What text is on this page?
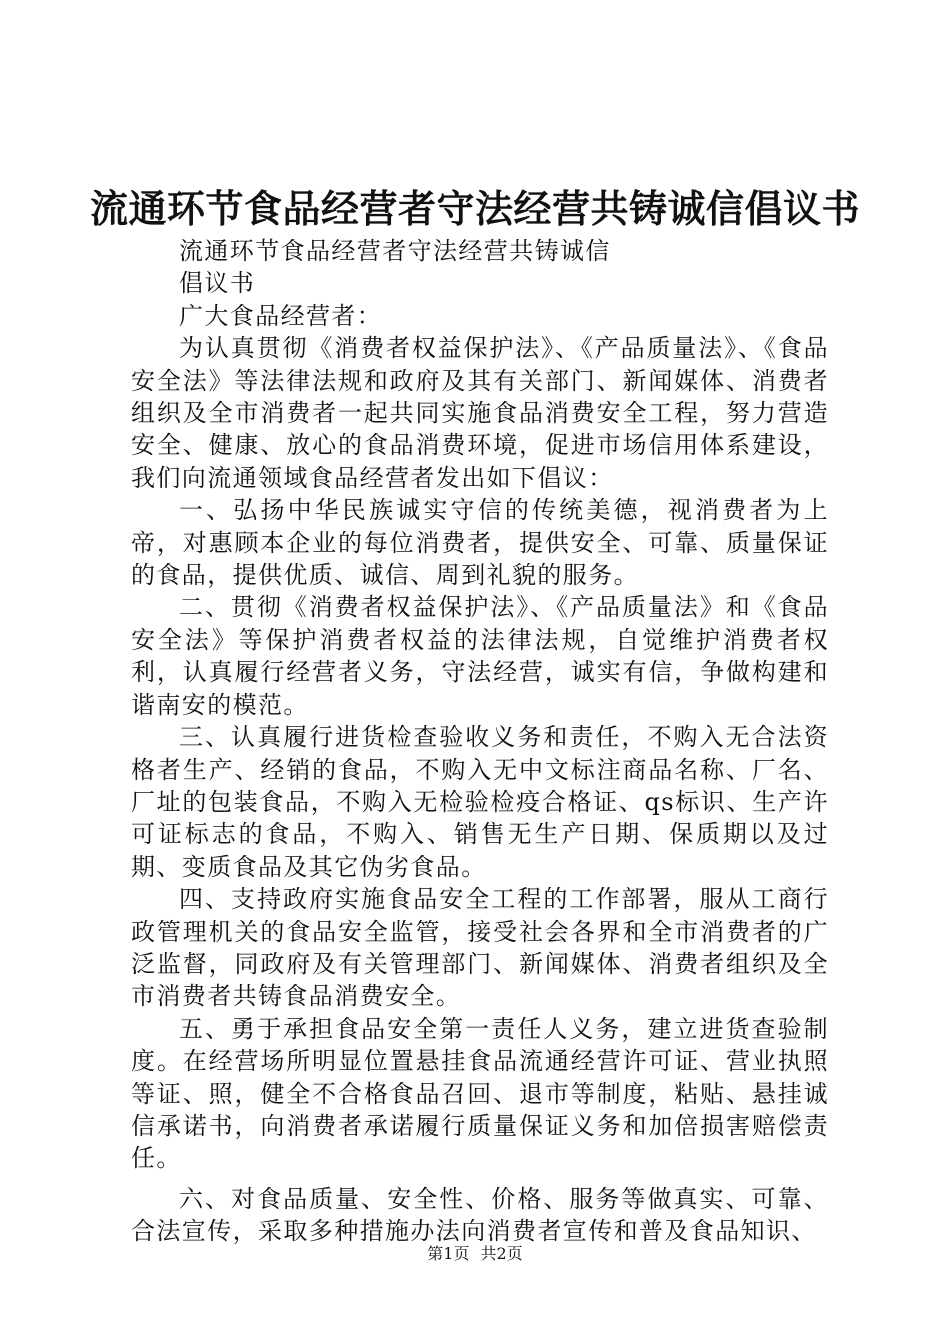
流通环节食品经营者守法经营共铸诚信倡议书

流通环节食品经营者守法经营共铸诚信

倡议书

广大食品经营者：

为认真贯彻《消费者权益保护法》、《产品质量法》、《食品安全法》等法律法规和政府及其有关部门、新闻媒体、消费者组织及全市消费者一起共同实施食品消费安全工程，努力营造安全、健康、放心的食品消费环境，促进市场信用体系建设，我们向流通领域食品经营者发出如下倡议：

一、弘扬中华民族诚实守信的传统美德，视消费者为上帝，对惠顾本企业的每位消费者，提供安全、可靠、质量保证的食品，提供优质、诚信、周到礼貌的服务。

二、贯彻《消费者权益保护法》、《产品质量法》和《食品安全法》等保护消费者权益的法律法规，自觉维护消费者权利，认真履行经营者义务，守法经营，诚实有信，争做构建和谐南安的模范。

三、认真履行进货检查验收义务和责任，不购入无合法资格者生产、经销的食品，不购入无中文标注商品名称、厂名、厂址的包装食品，不购入无检验检疫合格证、qs标识、生产许可证标志的食品，不购入、销售无生产日期、保质期以及过期、变质食品及其它伪劣食品。

四、支持政府实施食品安全工程的工作部署，服从工商行政管理机关的食品安全监管，接受社会各界和全市消费者的广泛监督，同政府及有关管理部门、新闻媒体、消费者组织及全市消费者共铸食品消费安全。

五、勇于承担食品安全第一责任人义务，建立进货查验制度。在经营场所明显位置悬挂食品流通经营许可证、营业执照等证、照，健全不合格食品召回、退市等制度，粘贴、悬挂诚信承诺书，向消费者承诺履行质量保证义务和加倍损害赔偿责任。

六、对食品质量、安全性、价格、服务等做真实、可靠、合法宣传，采取多种措施办法向消费者宣传和普及食品知识、

第1页 共2页
